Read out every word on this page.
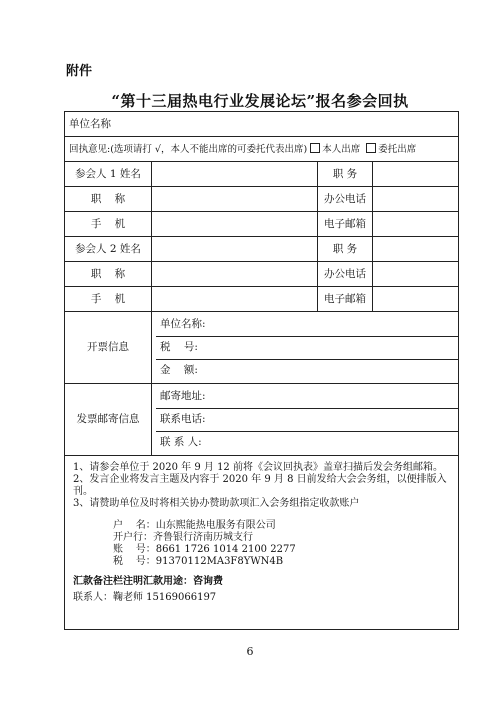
附件
“第十三届热电行业发展论坛”报名参会回执
单位名称
回执意见:(选项请打 √，本人不能出席的可委托代表出席) 本人出席 委托出席
参会人 1 姓名		职 务	
职    称		办公电话	
手    机		电子邮箱	
参会人 2 姓名		职 务	
职    称		办公电话	
手    机		电子邮箱	
开票信息	
单位名称:
税    号:
金    额:

发票邮寄信息	
邮寄地址:
联系电话:
联 系 人:

1、请参会单位于 2020 年 9 月 12 前将《会议回执表》盖章扫描后发会务组邮箱。

2、发言企业将发言主题及内容于 2020 年 9 月 8 日前发给大会会务组，以便排版入刊。

3、请赞助单位及时将相关协办赞助款项汇入会务组指定收款账户

户    名：山东熙能热电服务有限公司

开户行：齐鲁银行济南历城支行

账    号：8661 1726 1014 2100 2277

税    号：91370112MA3F8YWN4B

汇款备注栏注明汇款用途：咨询费

联系人：鞠老师 15169066197

6
